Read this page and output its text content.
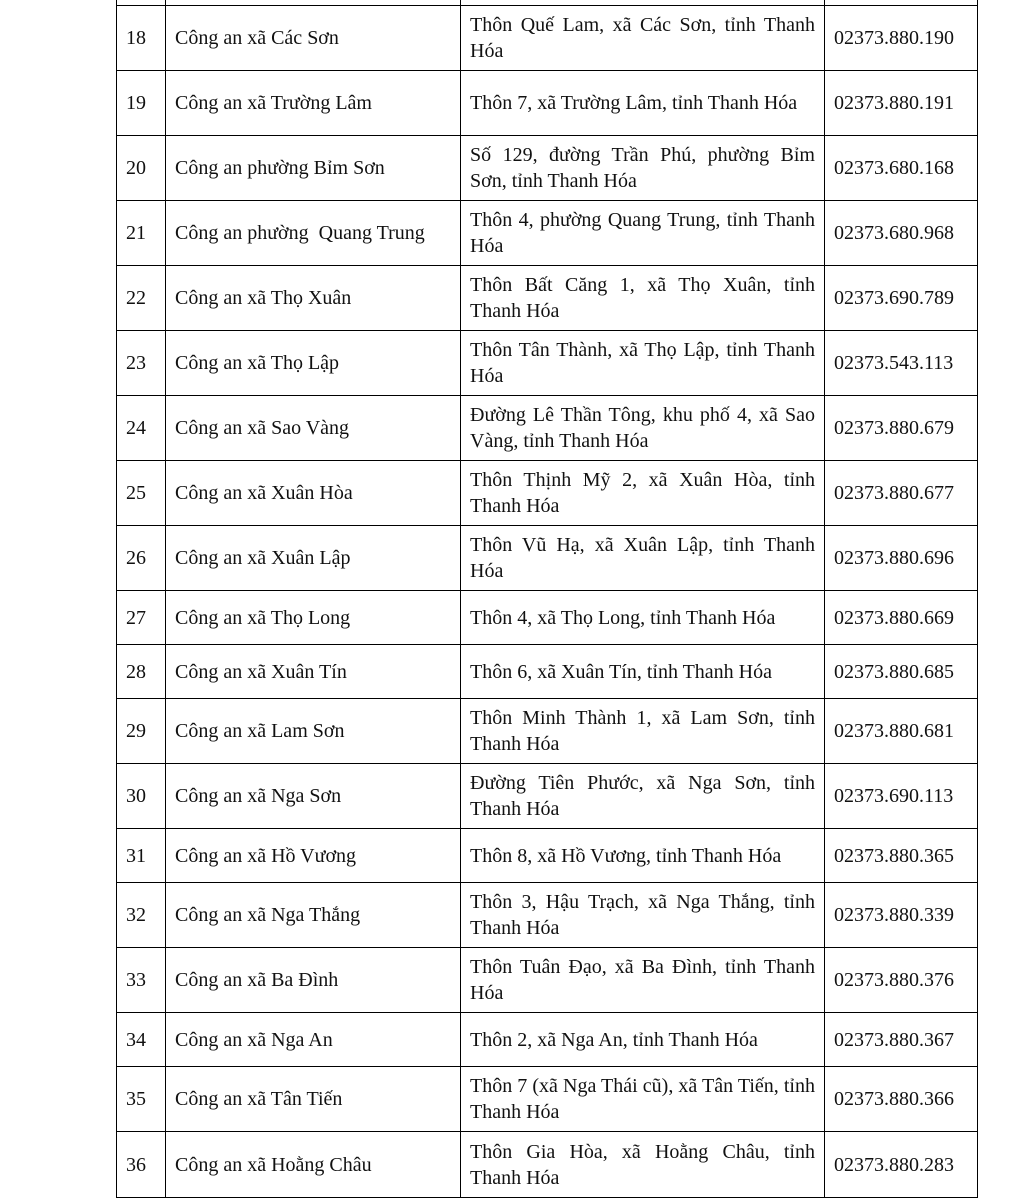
18	Công an xã Các Sơn	Thôn Quế Lam, xã Các Sơn, tỉnh Thanh Hóa	02373.880.190
19	Công an xã Trường Lâm	Thôn 7, xã Trường Lâm, tỉnh Thanh Hóa	02373.880.191
20	Công an phường Bỉm Sơn	Số 129, đường Trần Phú, phường Bỉm Sơn, tỉnh Thanh Hóa	02373.680.168
21	Công an phường  Quang Trung	Thôn 4, phường Quang Trung, tỉnh Thanh Hóa	02373.680.968
22	Công an xã Thọ Xuân	Thôn Bất Căng 1, xã Thọ Xuân, tỉnh Thanh Hóa	02373.690.789
23	Công an xã Thọ Lập	Thôn Tân Thành, xã Thọ Lập, tỉnh Thanh Hóa	02373.543.113
24	Công an xã Sao Vàng	Đường Lê Thần Tông, khu phố 4, xã Sao Vàng, tỉnh Thanh Hóa	02373.880.679
25	Công an xã Xuân Hòa	Thôn Thịnh Mỹ 2, xã Xuân Hòa, tỉnh Thanh Hóa	02373.880.677
26	Công an xã Xuân Lập	Thôn Vũ Hạ, xã Xuân Lập, tỉnh Thanh Hóa	02373.880.696
27	Công an xã Thọ Long	Thôn 4, xã Thọ Long, tỉnh Thanh Hóa	02373.880.669
28	Công an xã Xuân Tín	Thôn 6, xã Xuân Tín, tỉnh Thanh Hóa	02373.880.685
29	Công an xã Lam Sơn	Thôn Minh Thành 1, xã Lam Sơn, tỉnh Thanh Hóa	02373.880.681
30	Công an xã Nga Sơn	Đường Tiên Phước, xã Nga Sơn, tỉnh Thanh Hóa	02373.690.113
31	Công an xã Hồ Vương	Thôn 8, xã Hồ Vương, tỉnh Thanh Hóa	02373.880.365
32	Công an xã Nga Thắng	Thôn 3, Hậu Trạch, xã Nga Thắng, tỉnh Thanh Hóa	02373.880.339
33	Công an xã Ba Đình	Thôn Tuân Đạo, xã Ba Đình, tỉnh Thanh Hóa	02373.880.376
34	Công an xã Nga An	Thôn 2, xã Nga An, tỉnh Thanh Hóa	02373.880.367
35	Công an xã Tân Tiến	Thôn 7 (xã Nga Thái cũ), xã Tân Tiến, tỉnh Thanh Hóa	02373.880.366
36	Công an xã Hoằng Châu	Thôn Gia Hòa, xã Hoằng Châu, tỉnh Thanh Hóa	02373.880.283
